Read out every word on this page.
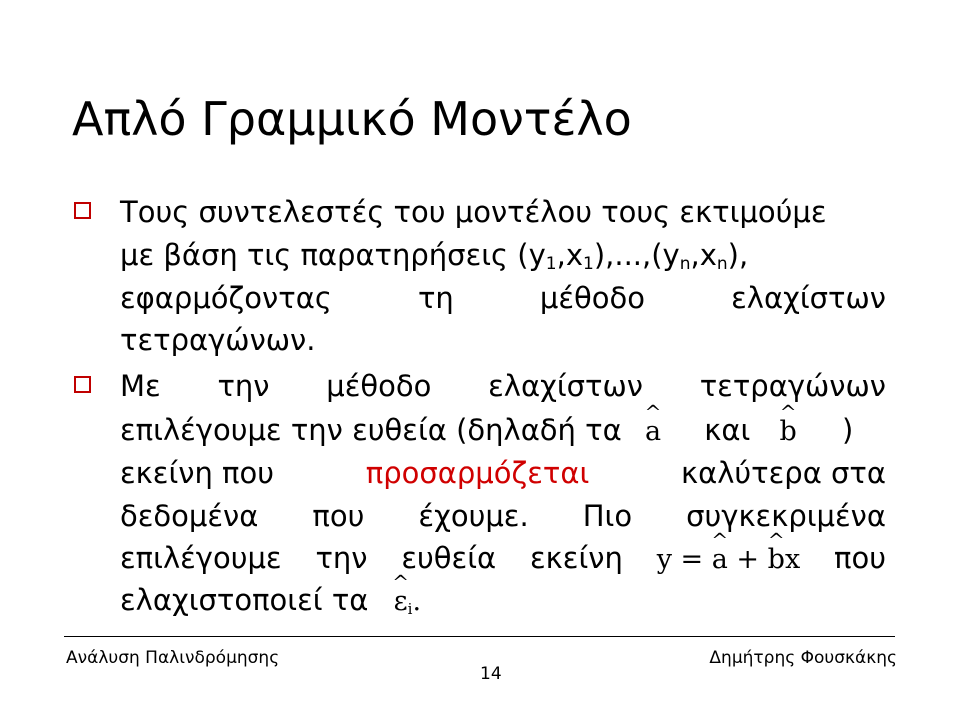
Απλό Γραμμικό Μοντέλο
Τους συντελεστές του μοντέλου τους εκτιμούμε
με βάση τις παρατηρήσεις $(y_1,x_1),...,(y_n,x_n)$,
εφαρμόζοντας	τη	μέθοδο	ελαχίστων
τετραγώνων.
Με την μέθοδο ελαχίστων τετραγώνων
επιλέγουμε την ευθεία (δηλαδή τα ^ a και ^ b )
εκείνη που	προσαρμόζεται	καλύτερα στα
δεδομένα που έχουμε. Πιο συγκεκριμένα
επιλέγουμε την ευθεία εκείνη y = ^ a + ^ bx που
ελαχιστοποιεί τα ^ $\varepsilon_i$.
Ανάλυση Παλινδρόμησης
14
Δημήτρης Φουσκάκης
